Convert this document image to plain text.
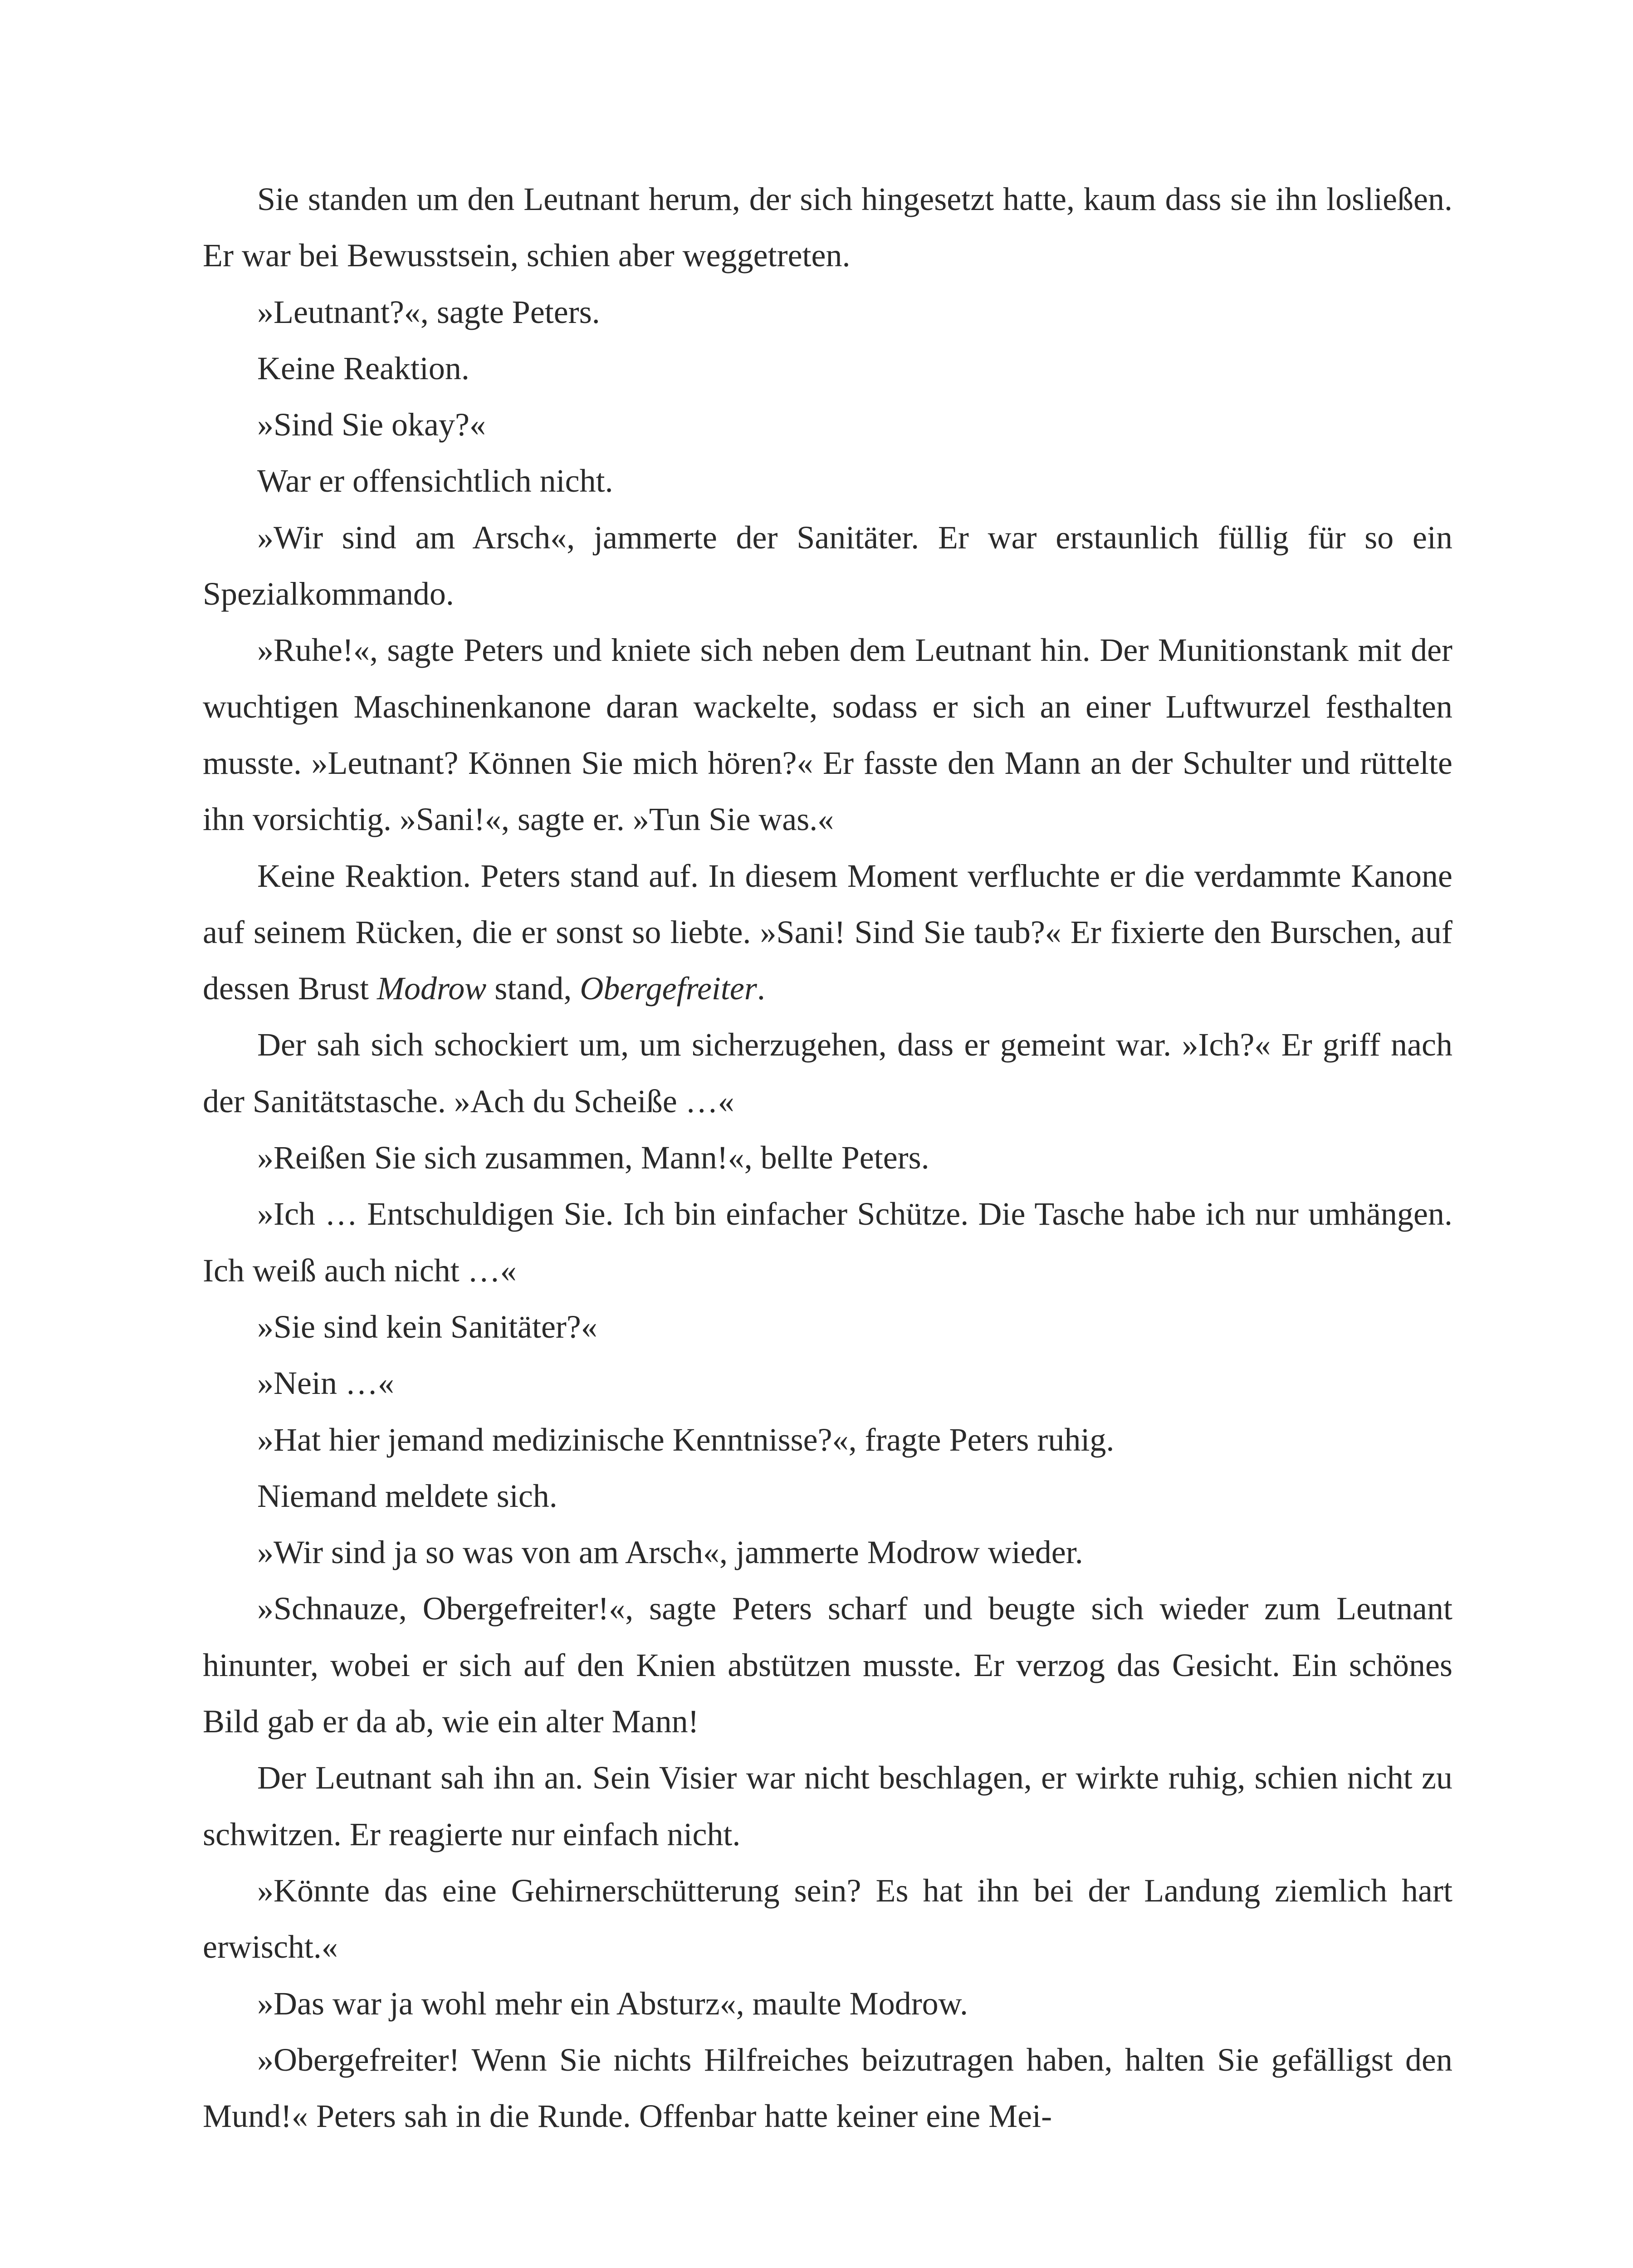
Sie standen um den Leutnant herum, der sich hingesetzt hatte, kaum dass sie ihn losließen. Er war bei Bewusstsein, schien aber weggetreten.

»Leutnant?«, sagte Peters.

Keine Reaktion.

»Sind Sie okay?«

War er offensichtlich nicht.

»Wir sind am Arsch«, jammerte der Sanitäter. Er war erstaunlich füllig für so ein Spezialkommando.

»Ruhe!«, sagte Peters und kniete sich neben dem Leutnant hin. Der Munitionstank mit der wuchtigen Maschinenkanone daran wackelte, sodass er sich an einer Luftwurzel festhalten musste. »Leutnant? Können Sie mich hören?« Er fasste den Mann an der Schulter und rüttelte ihn vorsichtig. »Sani!«, sagte er. »Tun Sie was.«

Keine Reaktion. Peters stand auf. In diesem Moment verfluchte er die verdammte Kanone auf seinem Rücken, die er sonst so liebte. »Sani! Sind Sie taub?« Er fixierte den Burschen, auf dessen Brust Modrow stand, Obergefreiter.

Der sah sich schockiert um, um sicherzugehen, dass er gemeint war. »Ich?« Er griff nach der Sanitätstasche. »Ach du Scheiße …«

»Reißen Sie sich zusammen, Mann!«, bellte Peters.

»Ich … Entschuldigen Sie. Ich bin einfacher Schütze. Die Tasche habe ich nur umhängen. Ich weiß auch nicht …«

»Sie sind kein Sanitäter?«

»Nein …«

»Hat hier jemand medizinische Kenntnisse?«, fragte Peters ruhig.

Niemand meldete sich.

»Wir sind ja so was von am Arsch«, jammerte Modrow wieder.

»Schnauze, Obergefreiter!«, sagte Peters scharf und beugte sich wieder zum Leutnant hinunter, wobei er sich auf den Knien abstützen musste. Er verzog das Gesicht. Ein schönes Bild gab er da ab, wie ein alter Mann!

Der Leutnant sah ihn an. Sein Visier war nicht beschlagen, er wirkte ruhig, schien nicht zu schwitzen. Er reagierte nur einfach nicht.

»Könnte das eine Gehirnerschütterung sein? Es hat ihn bei der Landung ziemlich hart erwischt.«

»Das war ja wohl mehr ein Absturz«, maulte Modrow.

»Obergefreiter! Wenn Sie nichts Hilfreiches beizutragen haben, halten Sie gefälligst den Mund!« Peters sah in die Runde. Offenbar hatte keiner eine Mei-
